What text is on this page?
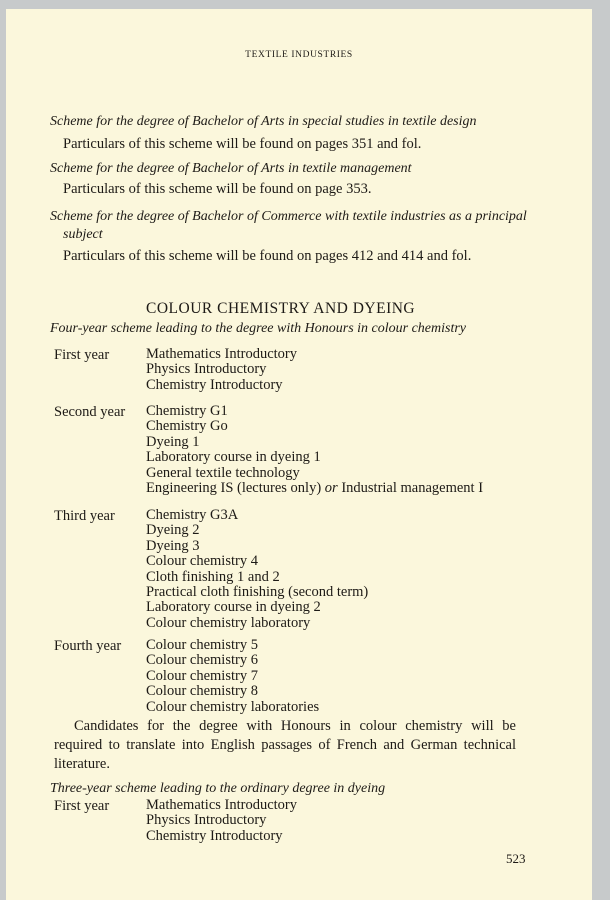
TEXTILE INDUSTRIES
Scheme for the degree of Bachelor of Arts in special studies in textile design
Particulars of this scheme will be found on pages 351 and fol.
Scheme for the degree of Bachelor of Arts in textile management
Particulars of this scheme will be found on page 353.
Scheme for the degree of Bachelor of Commerce with textile industries as a principal
subject
Particulars of this scheme will be found on pages 412 and 414 and fol.
COLOUR CHEMISTRY AND DYEING
Four-year scheme leading to the degree with Honours in colour chemistry
First year	Mathematics Introductory
Physics Introductory
Chemistry Introductory
Second year Chemistry G1
Chemistry Go
Dyeing 1
Laboratory course in dyeing 1
General textile technology
Engineering IS (lectures only) or Industrial management I
Third year Chemistry G3A
Dyeing 2
Dyeing 3
Colour chemistry 4
Cloth finishing 1 and 2
Practical cloth finishing (second term)
Laboratory course in dyeing 2
Colour chemistry laboratory
Fourth year Colour chemistry 5
Colour chemistry 6
Colour chemistry 7
Colour chemistry 8
Colour chemistry laboratories
Candidates for the degree with Honours in colour chemistry will be required to translate into English passages of French and German technical literature.
Three-year scheme leading to the ordinary degree in dyeing
First year	Mathematics Introductory
Physics Introductory
Chemistry Introductory
523
